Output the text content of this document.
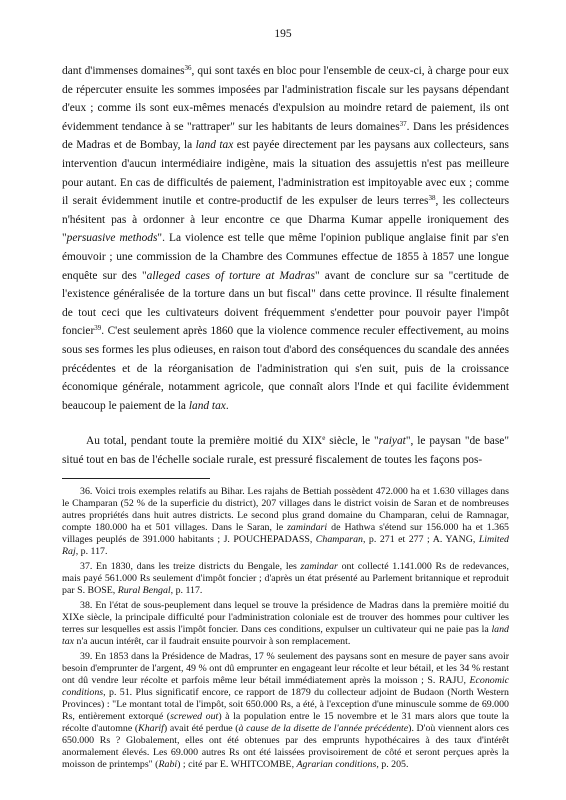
195

dant d'immenses domaines$^{36}$, qui sont taxés en bloc pour l'ensemble de ceux-ci, à charge pour eux de répercuter ensuite les sommes imposées par l'administration fiscale sur les paysans dépendant d'eux ; comme ils sont eux-mêmes menacés d'expulsion au moindre retard de paiement, ils ont évidemment tendance à se "rattraper" sur les habitants de leurs domaines$^{37}$. Dans les présidences de Madras et de Bombay, la land tax est payée directement par les paysans aux collecteurs, sans intervention d'aucun intermédiaire indigène, mais la situation des assujettis n'est pas meilleure pour autant. En cas de difficultés de paiement, l'administration est impitoyable avec eux ; comme il serait évidemment inutile et contre-productif de les expulser de leurs terres$^{38}$, les collecteurs n'hésitent pas à ordonner à leur encontre ce que Dharma Kumar appelle ironiquement des "persuasive methods". La violence est telle que même l'opinion publique anglaise finit par s'en émouvoir ; une commission de la Chambre des Communes effectue de 1855 à 1857 une longue enquête sur des "alleged cases of torture at Madras" avant de conclure sur sa "certitude de l'existence généralisée de la torture dans un but fiscal" dans cette province. Il résulte finalement de tout ceci que les cultivateurs doivent fréquemment s'endetter pour pouvoir payer l'impôt foncier$^{39}$. C'est seulement après 1860 que la violence commence reculer effectivement, au moins sous ses formes les plus odieuses, en raison tout d'abord des conséquences du scandale des années précédentes et de la réorganisation de l'administration qui s'en suit, puis de la croissance économique générale, notamment agricole, que connaît alors l'Inde et qui facilite évidemment beaucoup le paiement de la land tax.

Au total, pendant toute la première moitié du XIXe siècle, le "raiyat", le paysan "de base" situé tout en bas de l'échelle sociale rurale, est pressuré fiscalement de toutes les façons pos-

36. Voici trois exemples relatifs au Bihar. Les rajahs de Bettiah possèdent 472.000 ha et 1.630 villages dans le Champaran (52 % de la superficie du district), 207 villages dans le district voisin de Saran et de nombreuses autres propriétés dans huit autres districts. Le second plus grand domaine du Champaran, celui de Ramnagar, compte 180.000 ha et 501 villages. Dans le Saran, le zamindari de Hathwa s'étend sur 156.000 ha et 1.365 villages peuplés de 391.000 habitants ; J. POUCHEPADASS, Champaran, p. 271 et 277 ; A. YANG, Limited Raj, p. 117.

37. En 1830, dans les treize districts du Bengale, les zamindar ont collecté 1.141.000 Rs de redevances, mais payé 561.000 Rs seulement d'impôt foncier ; d'après un état présenté au Parlement britannique et reproduit par S. BOSE, Rural Bengal, p. 117.

38. En l'état de sous-peuplement dans lequel se trouve la présidence de Madras dans la première moitié du XIXe siècle, la principale difficulté pour l'administration coloniale est de trouver des hommes pour cultiver les terres sur lesquelles est assis l'impôt foncier. Dans ces conditions, expulser un cultivateur qui ne paie pas la land tax n'a aucun intérêt, car il faudrait ensuite pourvoir à son remplacement.

39. En 1853 dans la Présidence de Madras, 17 % seulement des paysans sont en mesure de payer sans avoir besoin d'emprunter de l'argent, 49 % ont dû emprunter en engageant leur récolte et leur bétail, et les 34 % restant ont dû vendre leur récolte et parfois même leur bétail immédiatement après la moisson ; S. RAJU, Economic conditions, p. 51. Plus significatif encore, ce rapport de 1879 du collecteur adjoint de Budaon (North Western Provinces) : "Le montant total de l'impôt, soit 650.000 Rs, a été, à l'exception d'une minuscule somme de 69.000 Rs, entièrement extorqué (screwed out) à la population entre le 15 novembre et le 31 mars alors que toute la récolte d'automne (Kharif) avait été perdue (à cause de la disette de l'année précédente). D'où viennent alors ces 650.000 Rs ? Globalement, elles ont été obtenues par des emprunts hypothécaires à des taux d'intérêt anormalement élevés. Les 69.000 autres Rs ont été laissées provisoirement de côté et seront perçues après la moisson de printemps" (Rabi) ; cité par E. WHITCOMBE, Agrarian conditions, p. 205.
